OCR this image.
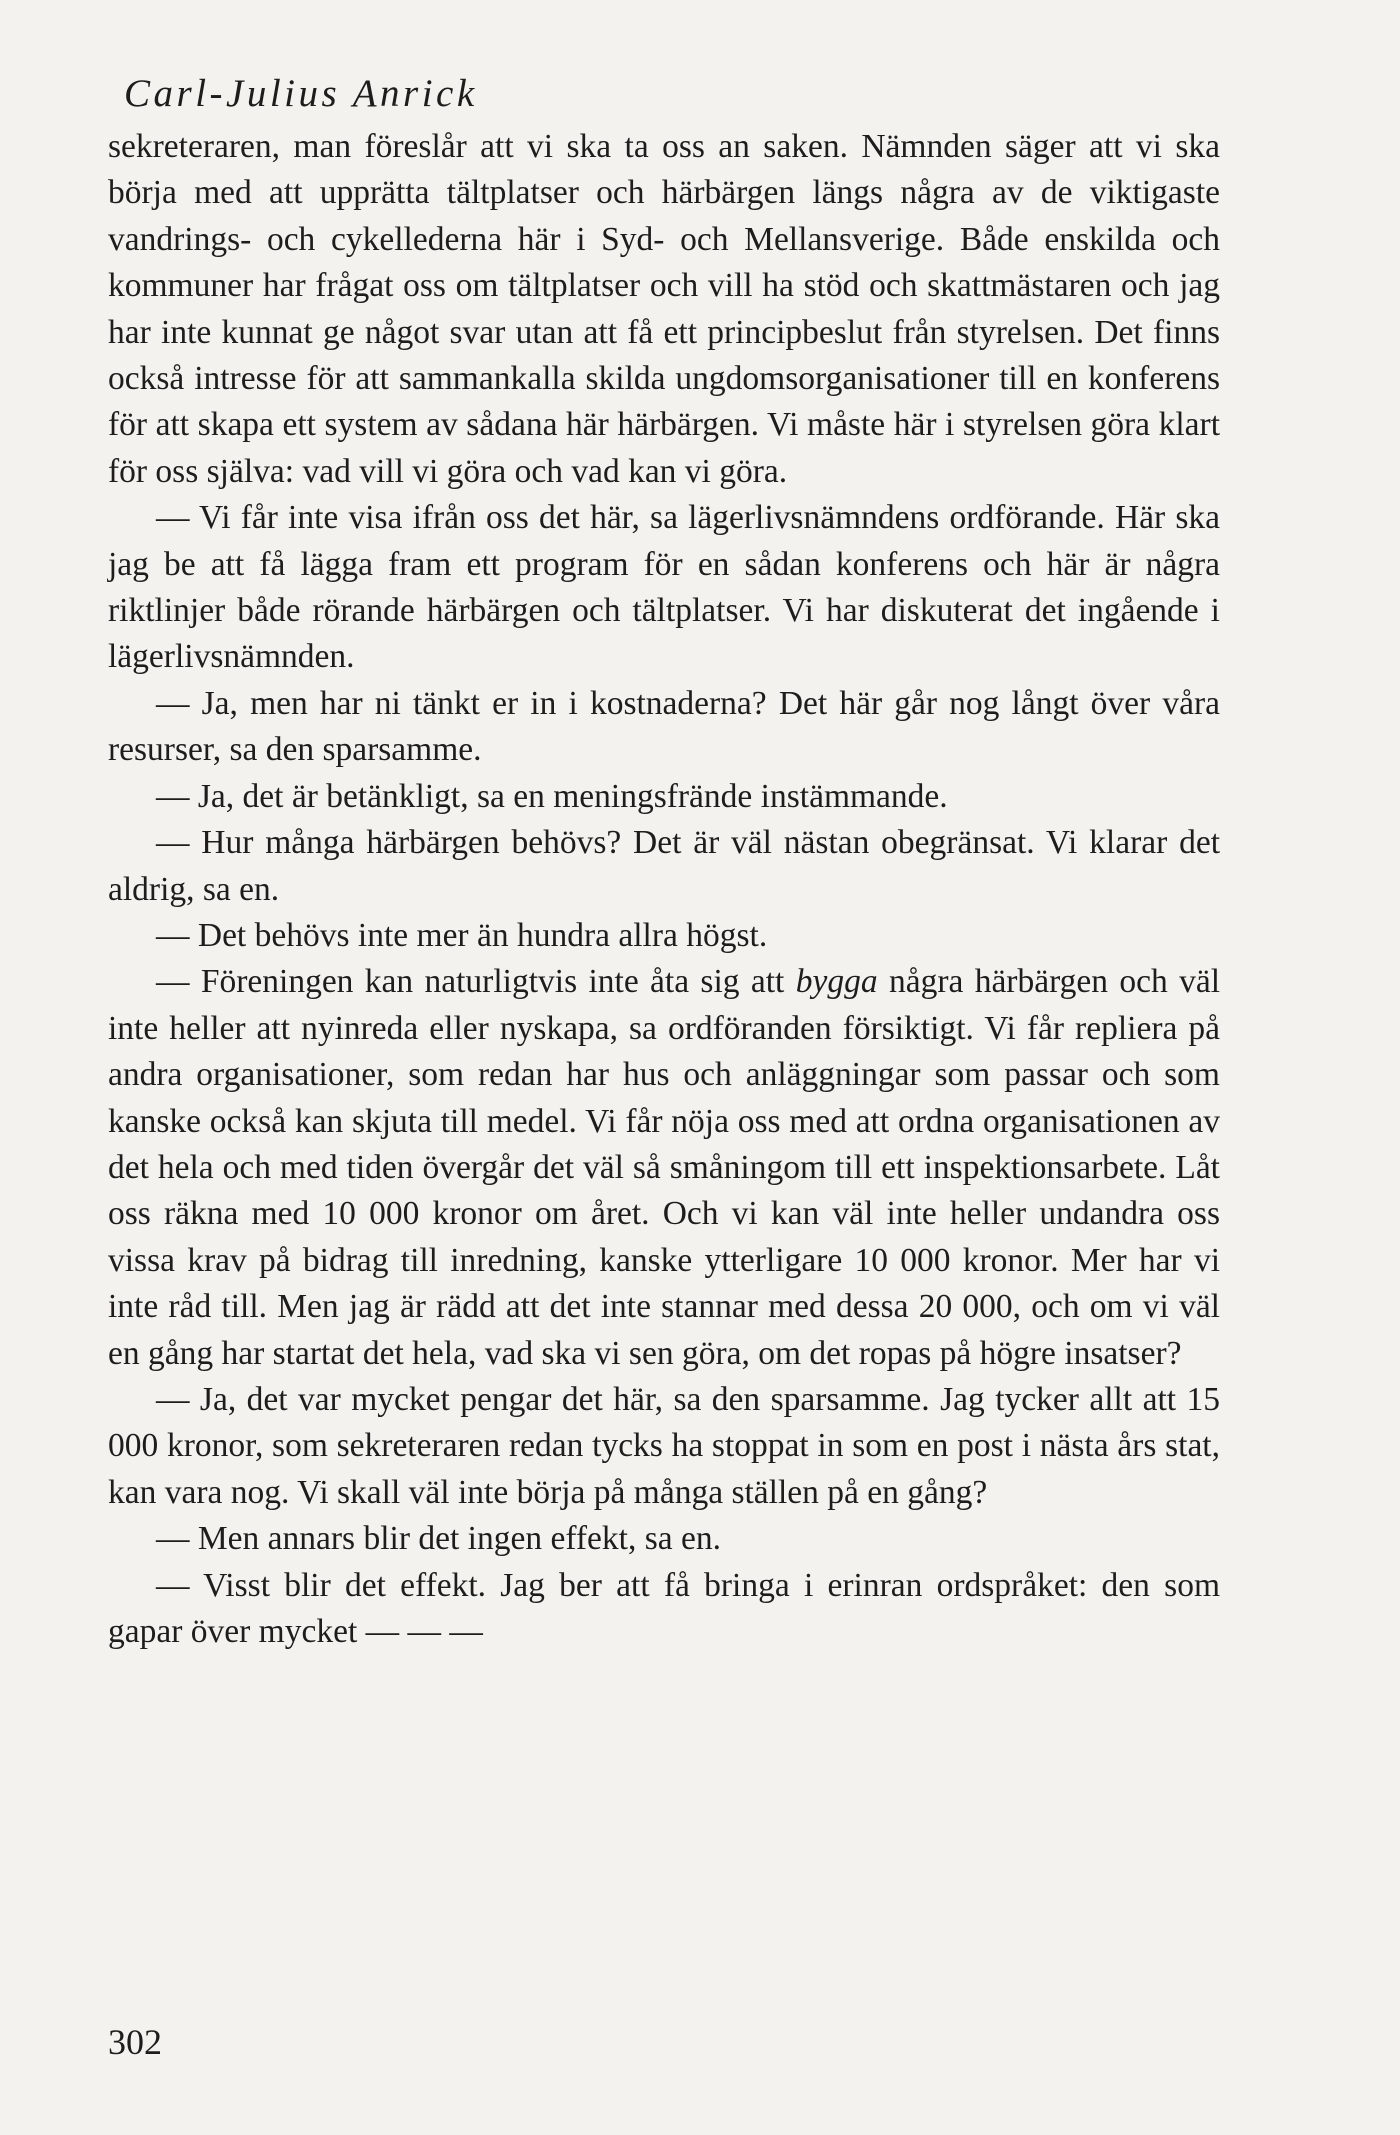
Carl-Julius Anrick

sekreteraren, man föreslår att vi ska ta oss an saken. Nämnden säger att vi ska börja med att upprätta tältplatser och härbärgen längs några av de viktigaste vandrings- och cykellederna här i Syd- och Mellansverige. Både enskilda och kommuner har frågat oss om tältplatser och vill ha stöd och skattmästaren och jag har inte kunnat ge något svar utan att få ett principbeslut från styrelsen. Det finns också intresse för att sammankalla skilda ungdomsorganisationer till en konferens för att skapa ett system av sådana här härbärgen. Vi måste här i styrelsen göra klart för oss själva: vad vill vi göra och vad kan vi göra.

— Vi får inte visa ifrån oss det här, sa lägerlivsnämndens ordförande. Här ska jag be att få lägga fram ett program för en sådan konferens och här är några riktlinjer både rörande härbärgen och tältplatser. Vi har diskuterat det ingående i lägerlivsnämnden.

— Ja, men har ni tänkt er in i kostnaderna? Det här går nog långt över våra resurser, sa den sparsamme.

— Ja, det är betänkligt, sa en meningsfrände instämmande.

— Hur många härbärgen behövs? Det är väl nästan obegränsat. Vi klarar det aldrig, sa en.

— Det behövs inte mer än hundra allra högst.

— Föreningen kan naturligtvis inte åta sig att bygga några härbärgen och väl inte heller att nyinreda eller nyskapa, sa ordföranden försiktigt. Vi får repliera på andra organisationer, som redan har hus och anläggningar som passar och som kanske också kan skjuta till medel. Vi får nöja oss med att ordna organisationen av det hela och med tiden övergår det väl så småningom till ett inspektionsarbete. Låt oss räkna med 10 000 kronor om året. Och vi kan väl inte heller undandra oss vissa krav på bidrag till inredning, kanske ytterligare 10 000 kronor. Mer har vi inte råd till. Men jag är rädd att det inte stannar med dessa 20 000, och om vi väl en gång har startat det hela, vad ska vi sen göra, om det ropas på högre insatser?

— Ja, det var mycket pengar det här, sa den sparsamme. Jag tycker allt att 15 000 kronor, som sekreteraren redan tycks ha stoppat in som en post i nästa års stat, kan vara nog. Vi skall väl inte börja på många ställen på en gång?

— Men annars blir det ingen effekt, sa en.

— Visst blir det effekt. Jag ber att få bringa i erinran ordspråket: den som gapar över mycket — — —

302
